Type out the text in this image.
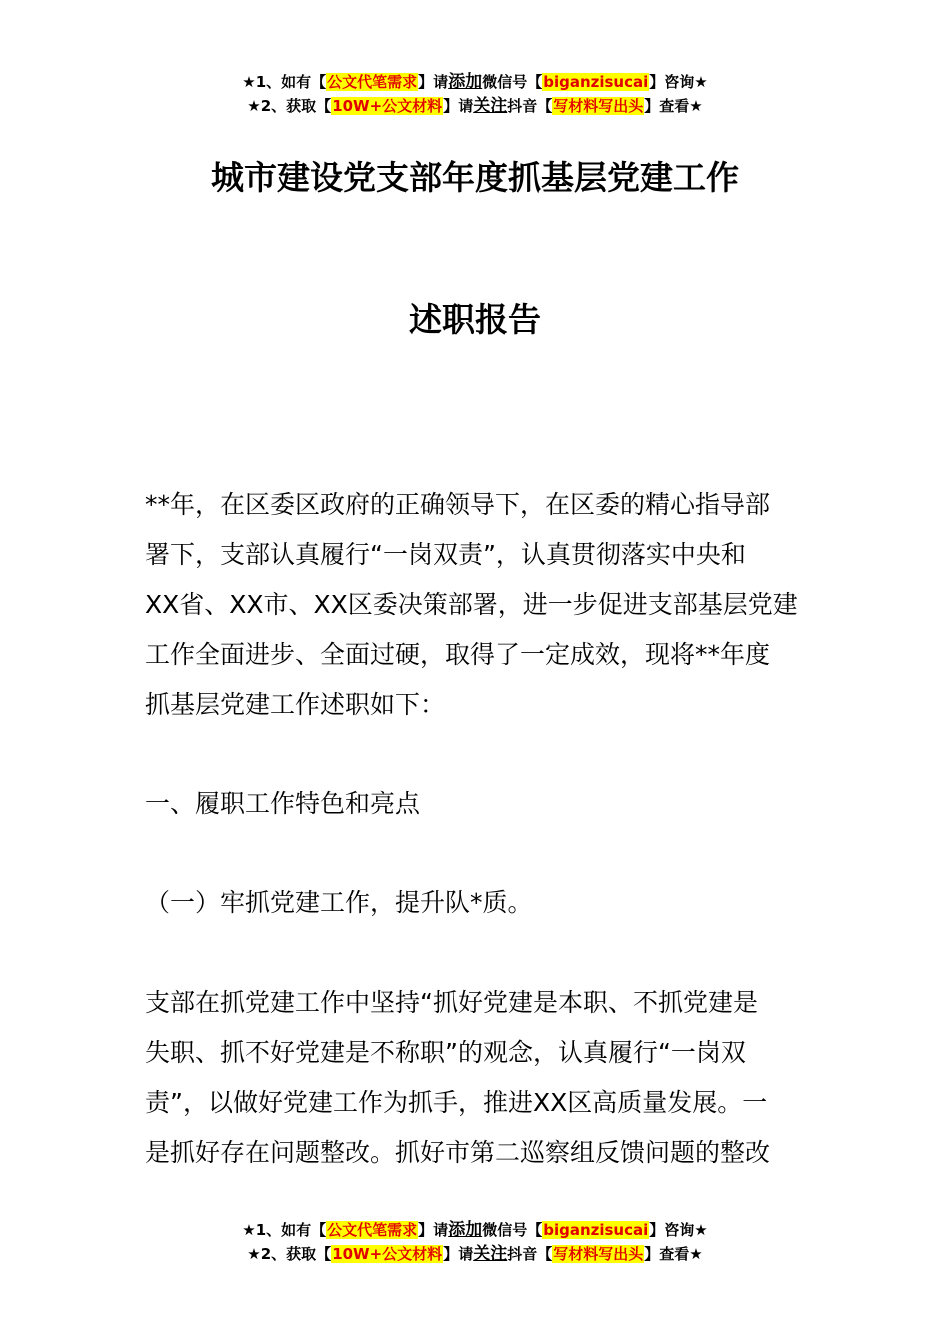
★1、如有【公文代笔需求】请添加微信号【biganzisucai】咨询★
★2、获取【10W+公文材料】请关注抖音【写材料写出头】查看★
城市建设党支部年度抓基层党建工作
述职报告
**年，在区委区政府的正确领导下，在区委的精心指导部
署下，支部认真履行“一岗双责”，认真贯彻落实中央和
XX省、XX市、XX区委决策部署，进一步促进支部基层党建
工作全面进步、全面过硬，取得了一定成效，现将**年度
抓基层党建工作述职如下：
一、履职工作特色和亮点
（一）牢抓党建工作，提升队*质。
支部在抓党建工作中坚持“抓好党建是本职、不抓党建是
失职、抓不好党建是不称职”的观念，认真履行“一岗双
责”，以做好党建工作为抓手，推进XX区高质量发展。一
是抓好存在问题整改。抓好市第二巡察组反馈问题的整改
★1、如有【公文代笔需求】请添加微信号【biganzisucai】咨询★
★2、获取【10W+公文材料】请关注抖音【写材料写出头】查看★
